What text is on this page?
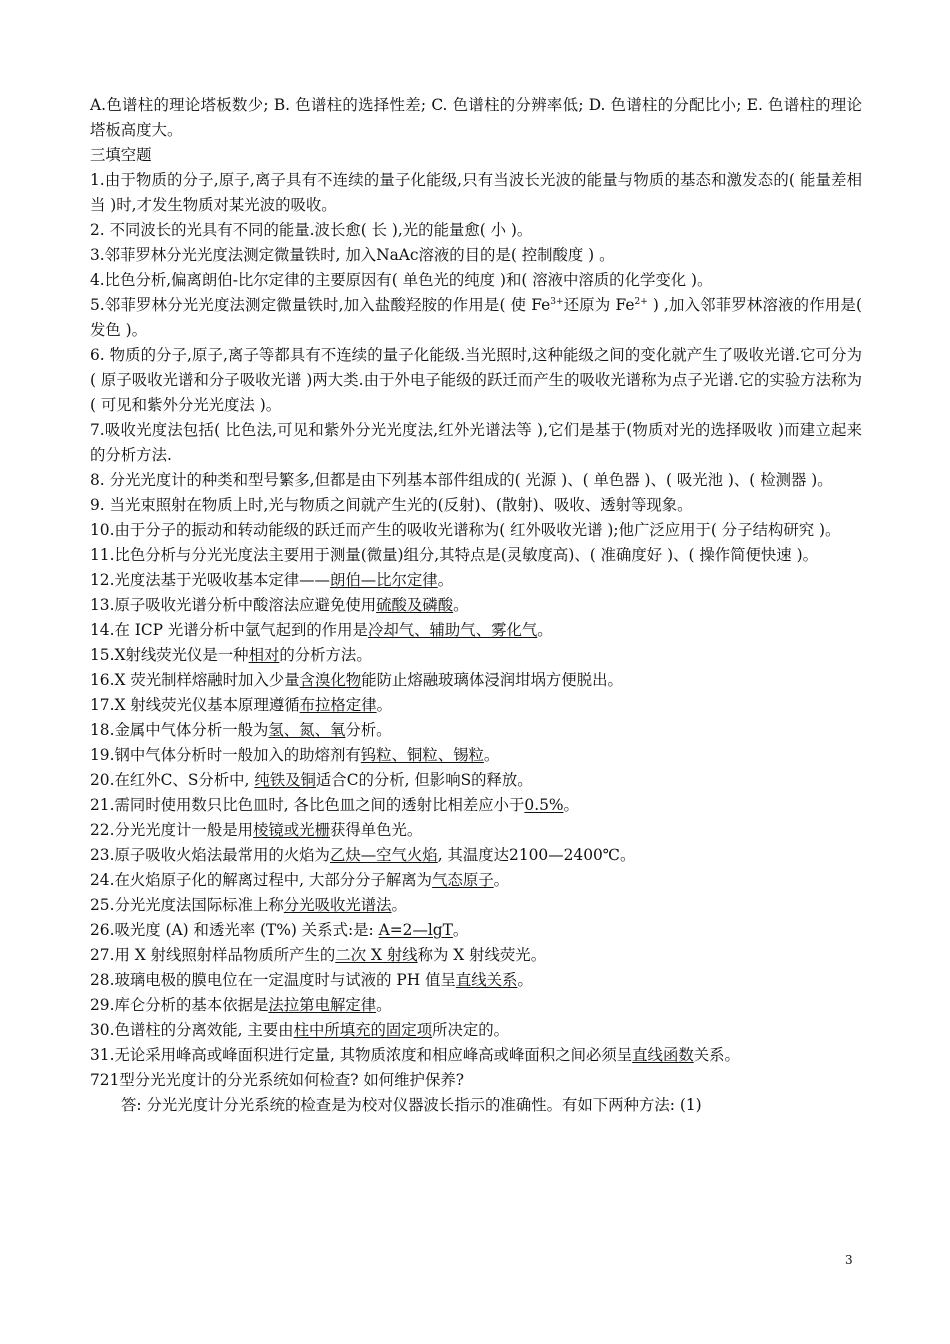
A.色谱柱的理论塔板数少; B. 色谱柱的选择性差; C. 色谱柱的分辨率低; D. 色谱柱的分配比小; E. 色谱柱的理论塔板高度大。

三填空题

1.由于物质的分子,原子,离子具有不连续的量子化能级,只有当波长光波的能量与物质的基态和激发态的( 能量差相当 )时,才发生物质对某光波的吸收。

2. 不同波长的光具有不同的能量.波长愈( 长 ),光的能量愈( 小 )。

3.邻菲罗林分光光度法测定微量铁时, 加入NaAc溶液的目的是( 控制酸度 ) 。

4.比色分析,偏离朗伯-比尔定律的主要原因有( 单色光的纯度 )和( 溶液中溶质的化学变化 )。

5.邻菲罗林分光光度法测定微量铁时,加入盐酸羟胺的作用是( 使 $Fe^{3+}$还原为 $Fe^{2+}$ ) ,加入邻菲罗林溶液的作用是( 发色 )。

6. 物质的分子,原子,离子等都具有不连续的量子化能级.当光照时,这种能级之间的变化就产生了吸收光谱.它可分为( 原子吸收光谱和分子吸收光谱 )两大类.由于外电子能级的跃迁而产生的吸收光谱称为点子光谱.它的实验方法称为( 可见和紫外分光光度法 )。

7.吸收光度法包括( 比色法,可见和紫外分光光度法,红外光谱法等 ),它们是基于(物质对光的选择吸收 )而建立起来的分析方法.

8. 分光光度计的种类和型号繁多,但都是由下列基本部件组成的( 光源 )、( 单色器 )、( 吸光池 )、( 检测器 )。

9. 当光束照射在物质上时,光与物质之间就产生光的(反射)、(散射)、吸收、透射等现象。

10.由于分子的振动和转动能级的跃迁而产生的吸收光谱称为( 红外吸收光谱 );他广泛应用于( 分子结构研究 )。

11.比色分析与分光光度法主要用于测量(微量)组分,其特点是(灵敏度高)、( 准确度好 )、( 操作简便快速 )。

12.光度法基于光吸收基本定律——朗伯—比尔定律。

13.原子吸收光谱分析中酸溶法应避免使用硫酸及磷酸。

14.在 ICP 光谱分析中氩气起到的作用是冷却气、辅助气、雾化气。

15.X射线荧光仪是一种相对的分析方法。

16.X 荧光制样熔融时加入少量含溴化物能防止熔融玻璃体浸润坩埚方便脱出。

17.X 射线荧光仪基本原理遵循布拉格定律。

18.金属中气体分析一般为氢、氮、氧分析。

19.钢中气体分析时一般加入的助熔剂有钨粒、铜粒、锡粒。

20.在红外C、S分析中, 纯铁及铜适合C的分析, 但影响S的释放。

21.需同时使用数只比色皿时, 各比色皿之间的透射比相差应小于0.5%。

22.分光光度计一般是用棱镜或光栅获得单色光。

23.原子吸收火焰法最常用的火焰为乙炔—空气火焰, 其温度达2100—2400℃。

24.在火焰原子化的解离过程中, 大部分分子解离为气态原子。

25.分光光度法国际标准上称分光吸收光谱法。

26.吸光度 (A) 和透光率 (T%) 关系式:是: A=2—lgT。

27.用 X 射线照射样品物质所产生的二次 X 射线称为 X 射线荧光。

28.玻璃电极的膜电位在一定温度时与试液的 PH 值呈直线关系。

29.库仑分析的基本依据是法拉第电解定律。

30.色谱柱的分离效能, 主要由柱中所填充的固定项所决定的。

31.无论采用峰高或峰面积进行定量, 其物质浓度和相应峰高或峰面积之间必须呈直线函数关系。

721型分光光度计的分光系统如何检查? 如何维护保养?

答: 分光光度计分光系统的检查是为校对仪器波长指示的准确性。有如下两种方法: (1)

3
